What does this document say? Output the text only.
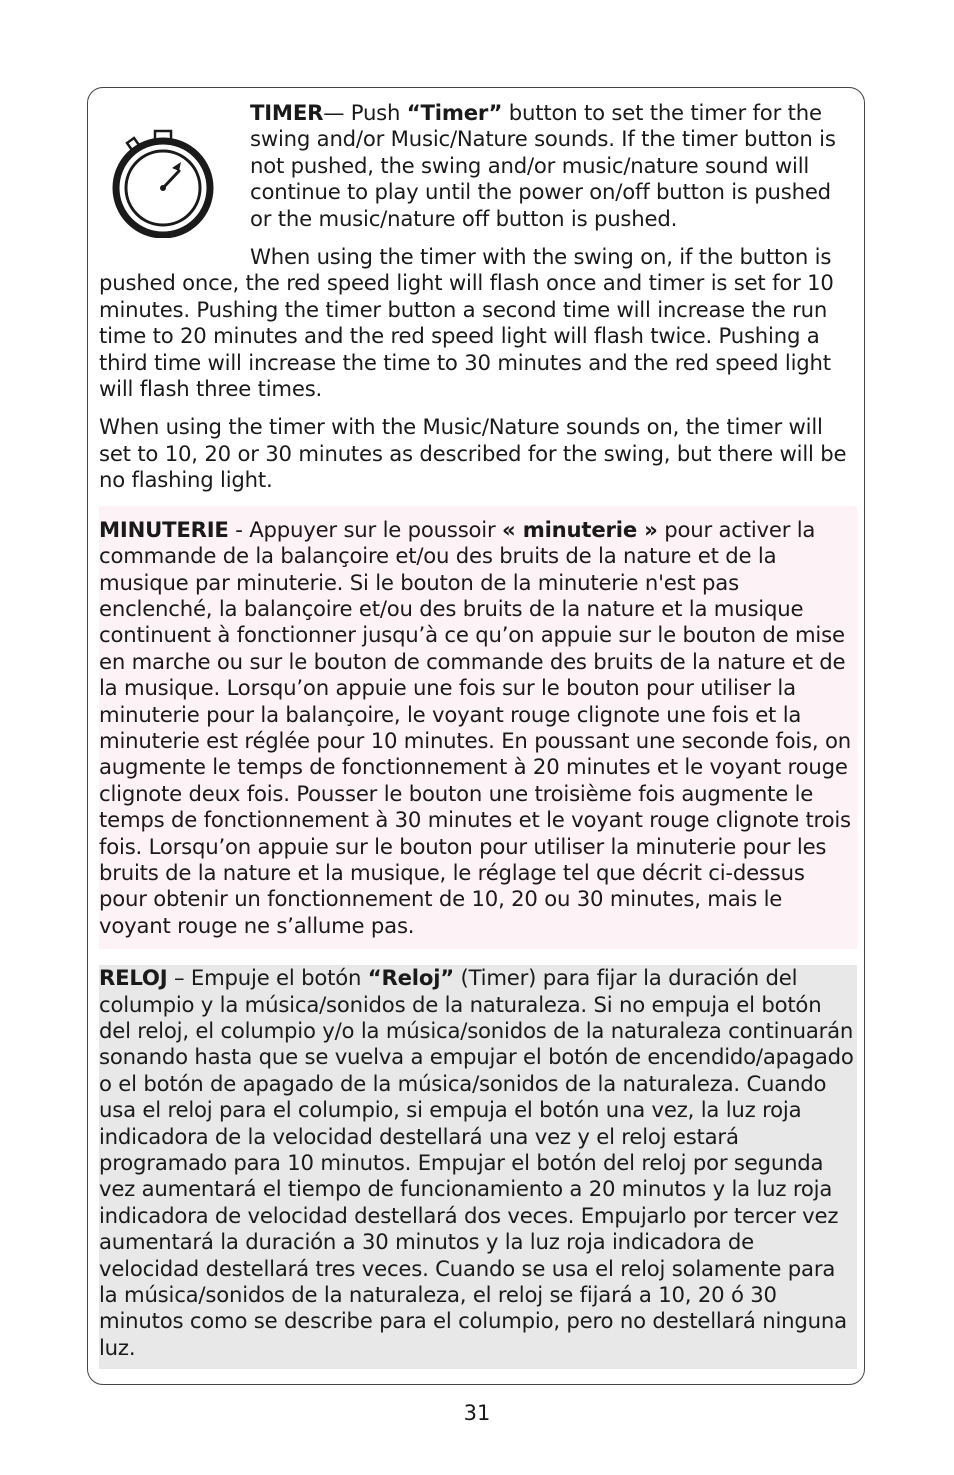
TIMER— Push “Timer” button to set the timer for the swing and/or Music/Nature sounds. If the timer button is not pushed, the swing and/or music/nature sound will continue to play until the power on/off button is pushed or the music/nature off button is pushed.

When using the timer with the swing on, if the button is pushed once, the red speed light will flash once and timer is set for 10 minutes. Pushing the timer button a second time will increase the run time to 20 minutes and the red speed light will flash twice. Pushing a third time will increase the time to 30 minutes and the red speed light will flash three times.

When using the timer with the Music/Nature sounds on, the timer will set to 10, 20 or 30 minutes as described for the swing, but there will be no flashing light.

MINUTERIE - Appuyer sur le poussoir « minuterie » pour activer la commande de la balançoire et/ou des bruits de la nature et de la musique par minuterie. Si le bouton de la minuterie n'est pas enclenché, la balançoire et/ou des bruits de la nature et la musique continuent à fonctionner jusqu’à ce qu’on appuie sur le bouton de mise en marche ou sur le bouton de commande des bruits de la nature et de la musique. Lorsqu’on appuie une fois sur le bouton pour utiliser la minuterie pour la balançoire, le voyant rouge clignote une fois et la minuterie est réglée pour 10 minutes. En poussant une seconde fois, on augmente le temps de fonctionnement à 20 minutes et le voyant rouge clignote deux fois. Pousser le bouton une troisième fois augmente le temps de fonctionnement à 30 minutes et le voyant rouge clignote trois fois. Lorsqu’on appuie sur le bouton pour utiliser la minuterie pour les bruits de la nature et la musique, le réglage tel que décrit ci-dessus pour obtenir un fonctionnement de 10, 20 ou 30 minutes, mais le voyant rouge ne s’allume pas.

RELOJ – Empuje el botón “Reloj” (Timer) para fijar la duración del columpio y la música/sonidos de la naturaleza. Si no empuja el botón del reloj, el columpio y/o la música/sonidos de la naturaleza continuarán sonando hasta que se vuelva a empujar el botón de encendido/apagado o el botón de apagado de la música/sonidos de la naturaleza. Cuando usa el reloj para el columpio, si empuja el botón una vez, la luz roja indicadora de la velocidad destellará una vez y el reloj estará programado para 10 minutos. Empujar el botón del reloj por segunda vez aumentará el tiempo de funcionamiento a 20 minutos y la luz roja indicadora de velocidad destellará dos veces. Empujarlo por tercer vez aumentará la duración a 30 minutos y la luz roja indicadora de velocidad destellará tres veces. Cuando se usa el reloj solamente para la música/sonidos de la naturaleza, el reloj se fijará a 10, 20 ó 30 minutos como se describe para el columpio, pero no destellará ninguna luz.

31
